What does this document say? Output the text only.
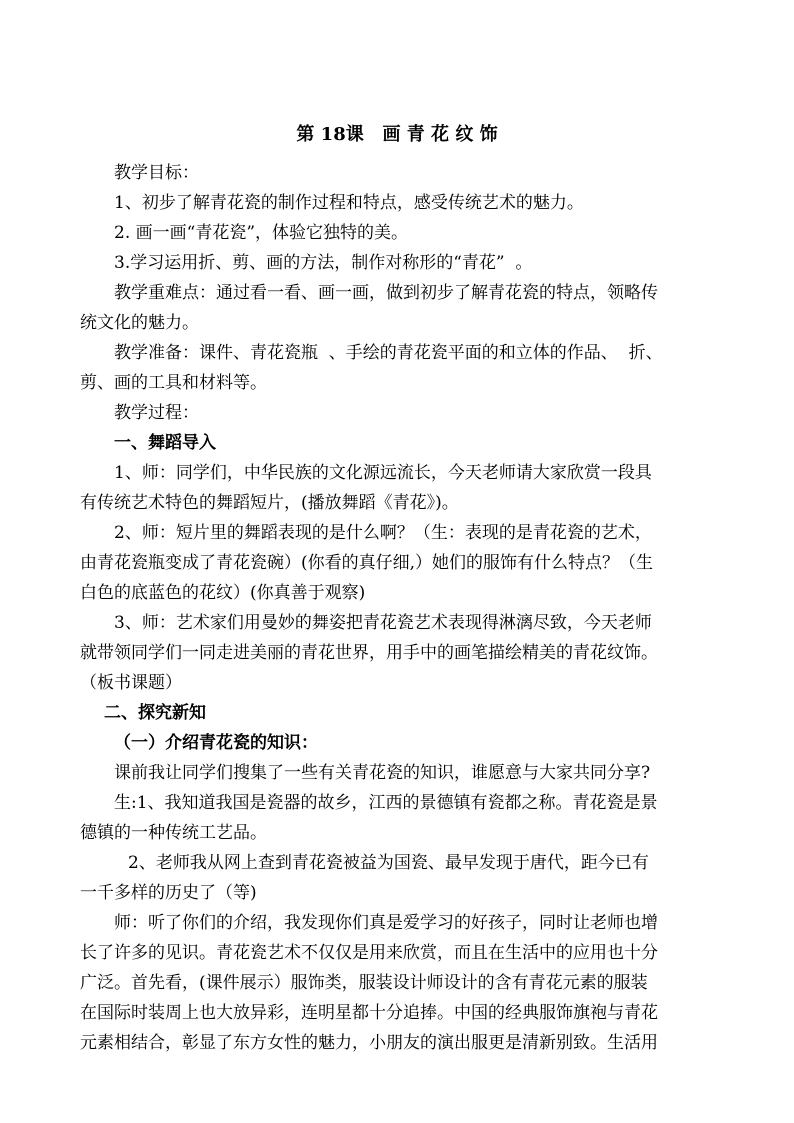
第 18课   画 青 花 纹 饰
教学目标：
1、初步了解青花瓷的制作过程和特点，感受传统艺术的魅力。
2. 画一画“青花瓷”，体验它独特的美。
3.学习运用折、剪、画的方法，制作对称形的“青花”  。
教学重难点：通过看一看、画一画，做到初步了解青花瓷的特点，领略传
统文化的魅力。
教学准备：课件、青花瓷瓶  、手绘的青花瓷平面的和立体的作品、  折、
剪、画的工具和材料等。
教学过程：
一、舞蹈导入
1、师：同学们，中华民族的文化源远流长，今天老师请大家欣赏一段具
有传统艺术特色的舞蹈短片，(播放舞蹈《青花》)。
2、师：短片里的舞蹈表现的是什么啊？（生：表现的是青花瓷的艺术，
由青花瓷瓶变成了青花瓷碗）(你看的真仔细,）她们的服饰有什么特点？（生
白色的底蓝色的花纹）(你真善于观察)
3、师：艺术家们用曼妙的舞姿把青花瓷艺术表现得淋漓尽致，今天老师
就带领同学们一同走进美丽的青花世界，用手中的画笔描绘精美的青花纹饰。
（板书课题）
二、探究新知
（一）介绍青花瓷的知识：
课前我让同学们搜集了一些有关青花瓷的知识，谁愿意与大家共同分享?
生:1、我知道我国是瓷器的故乡，江西的景德镇有瓷都之称。青花瓷是景
德镇的一种传统工艺品。
2、老师我从网上查到青花瓷被益为国瓷、最早发现于唐代，距今已有
一千多样的历史了（等)
师：听了你们的介绍，我发现你们真是爱学习的好孩子，同时让老师也增
长了许多的见识。青花瓷艺术不仅仅是用来欣赏，而且在生活中的应用也十分
广泛。首先看，(课件展示）服饰类，服装设计师设计的含有青花元素的服装
在国际时装周上也大放异彩，连明星都十分追捧。中国的经典服饰旗袍与青花
元素相结合，彰显了东方女性的魅力，小朋友的演出服更是清新别致。生活用
